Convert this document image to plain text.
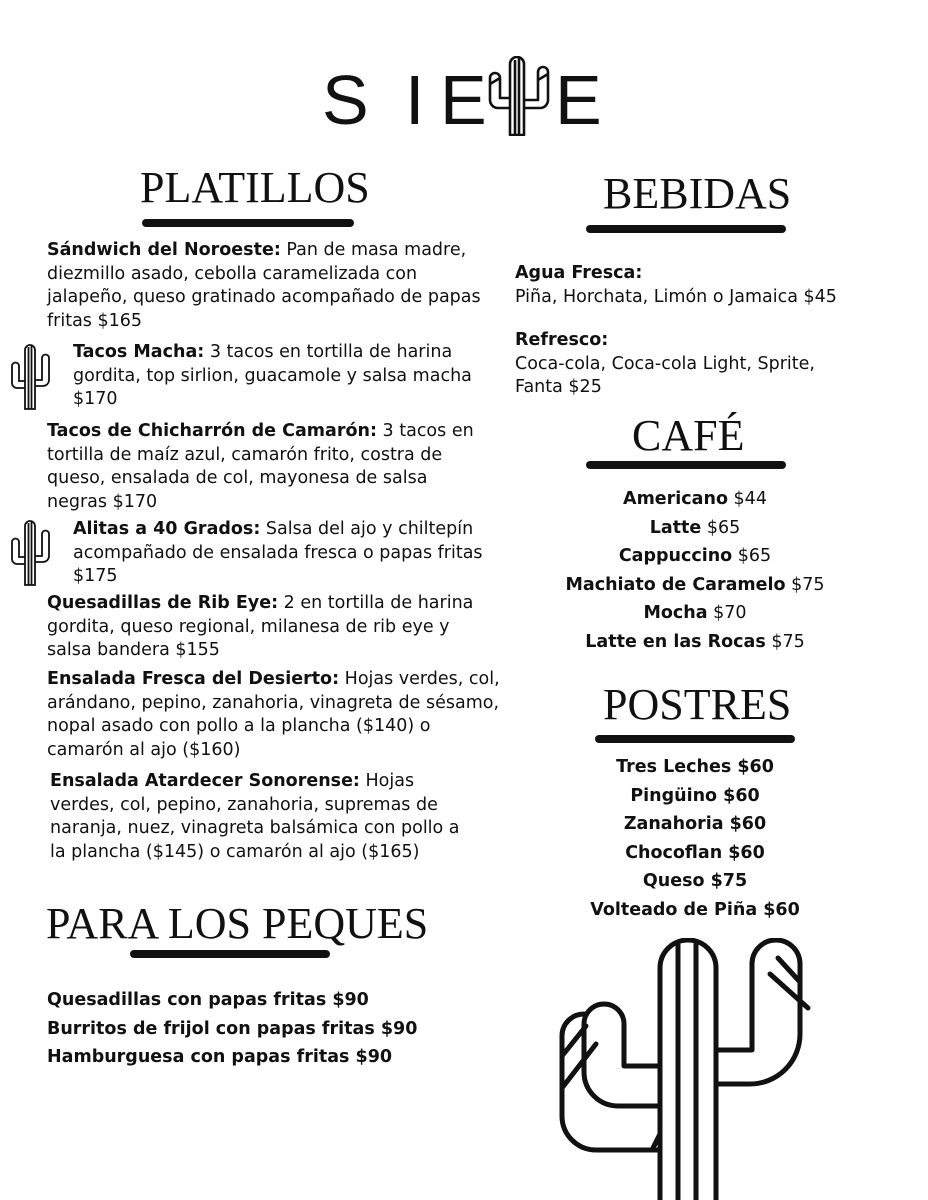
S I E E
PLATILLOS
Sándwich del Noroeste: Pan de masa madre, diezmillo asado, cebolla caramelizada con jalapeño, queso gratinado acompañado de papas fritas $165
Tacos Macha: 3 tacos en tortilla de harina gordita, top sirlion, guacamole y salsa macha $170
Tacos de Chicharrón de Camarón: 3 tacos en tortilla de maíz azul, camarón frito, costra de queso, ensalada de col, mayonesa de salsa negras $170
Alitas a 40 Grados: Salsa del ajo y chiltepín acompañado de ensalada fresca o papas fritas $175
Quesadillas de Rib Eye: 2 en tortilla de harina gordita, queso regional, milanesa de rib eye y salsa bandera $155
Ensalada Fresca del Desierto: Hojas verdes, col, arándano, pepino, zanahoria, vinagreta de sésamo, nopal asado con pollo a la plancha ($140) o camarón al ajo ($160)
Ensalada Atardecer Sonorense: Hojas verdes, col, pepino, zanahoria, supremas de naranja, nuez, vinagreta balsámica con pollo a la plancha ($145) o camarón al ajo ($165)
PARA LOS PEQUES
Quesadillas con papas fritas $90
Burritos de frijol con papas fritas $90
Hamburguesa con papas fritas $90
BEBIDAS
Agua Fresca:
Piña, Horchata, Limón o Jamaica $45
Refresco:
Coca-cola, Coca-cola Light, Sprite, Fanta $25
CAFÉ
Americano $44
Latte $65
Cappuccino $65
Machiato de Caramelo $75
Mocha $70
Latte en las Rocas $75
POSTRES
Tres Leches $60
Pingüino $60
Zanahoria $60
Chocoflan $60
Queso $75
Volteado de Piña $60
